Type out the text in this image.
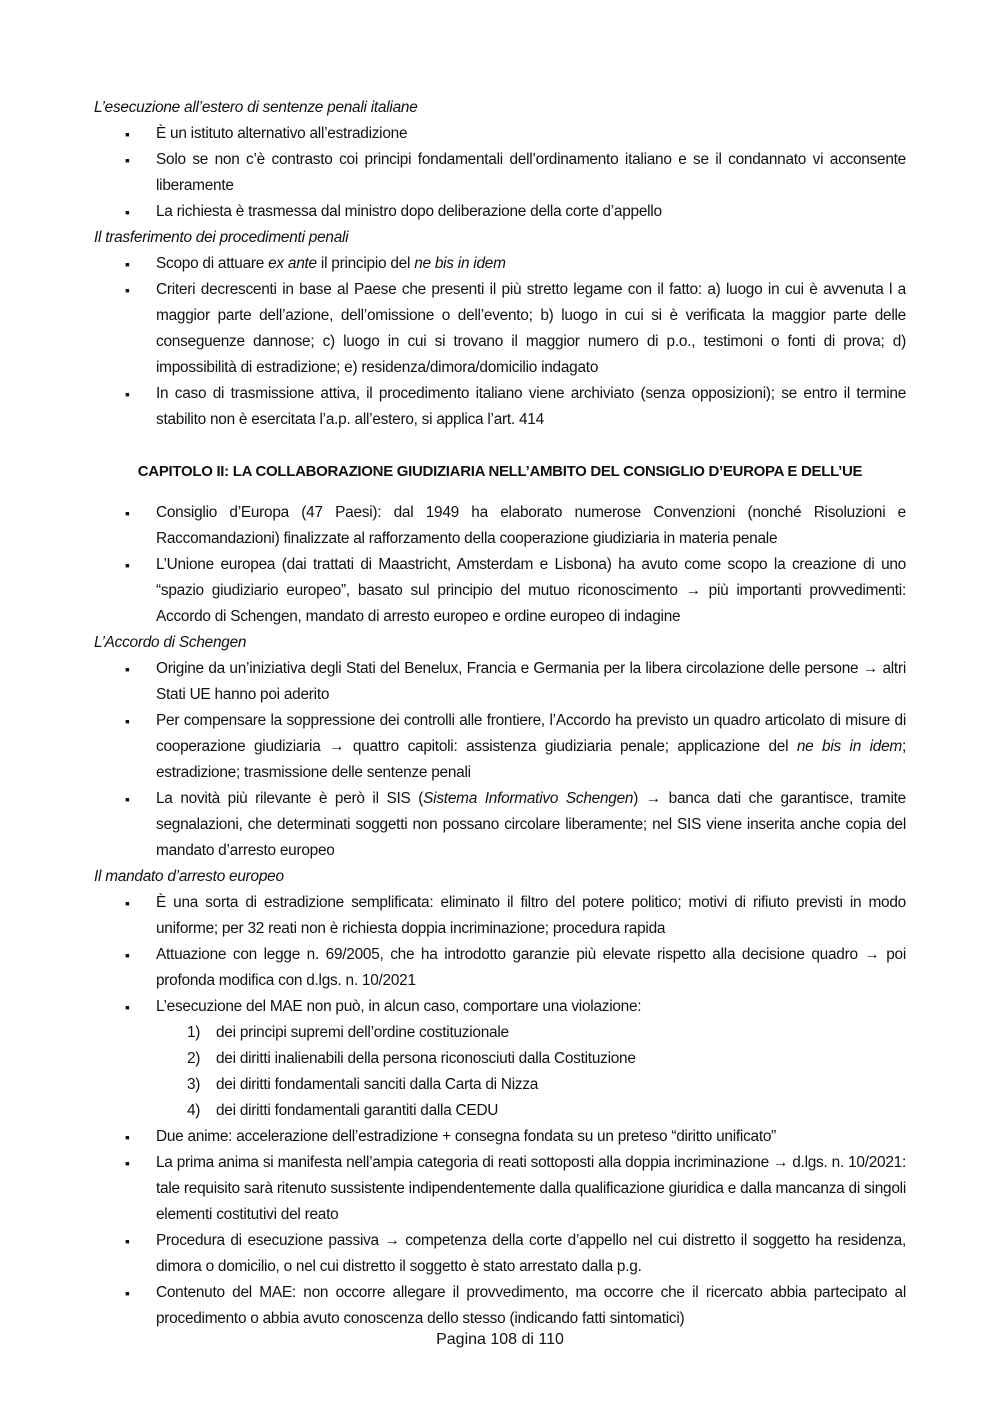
L’esecuzione all’estero di sentenze penali italiane

▪ È un istituto alternativo all’estradizione
▪ Solo se non c’è contrasto coi principi fondamentali dell’ordinamento italiano e se il condannato vi acconsente liberamente
▪ La richiesta è trasmessa dal ministro dopo deliberazione della corte d’appello

Il trasferimento dei procedimenti penali

▪ Scopo di attuare ex ante il principio del ne bis in idem
▪ Criteri decrescenti in base al Paese che presenti il più stretto legame con il fatto: a) luogo in cui è avvenuta l a maggior parte dell’azione, dell’omissione o dell’evento; b) luogo in cui si è verificata la maggior parte delle conseguenze dannose; c) luogo in cui si trovano il maggior numero di p.o., testimoni o fonti di prova; d) impossibilità di estradizione; e) residenza/dimora/domicilio indagato
▪ In caso di trasmissione attiva, il procedimento italiano viene archiviato (senza opposizioni); se entro il termine stabilito non è esercitata l’a.p. all’estero, si applica l’art. 414

CAPITOLO II: LA COLLABORAZIONE GIUDIZIARIA NELL’AMBITO DEL CONSIGLIO D’EUROPA E DELL’UE

▪ Consiglio d’Europa (47 Paesi): dal 1949 ha elaborato numerose Convenzioni (nonché Risoluzioni e Raccomandazioni) finalizzate al rafforzamento della cooperazione giudiziaria in materia penale
▪ L’Unione europea (dai trattati di Maastricht, Amsterdam e Lisbona) ha avuto come scopo la creazione di uno “spazio giudiziario europeo”, basato sul principio del mutuo riconoscimento → più importanti provvedimenti: Accordo di Schengen, mandato di arresto europeo e ordine europeo di indagine

L’Accordo di Schengen

▪ Origine da un’iniziativa degli Stati del Benelux, Francia e Germania per la libera circolazione delle persone → altri Stati UE hanno poi aderito
▪ Per compensare la soppressione dei controlli alle frontiere, l’Accordo ha previsto un quadro articolato di misure di cooperazione giudiziaria → quattro capitoli: assistenza giudiziaria penale; applicazione del ne bis in idem; estradizione; trasmissione delle sentenze penali
▪ La novità più rilevante è però il SIS (Sistema Informativo Schengen) → banca dati che garantisce, tramite segnalazioni, che determinati soggetti non possano circolare liberamente; nel SIS viene inserita anche copia del mandato d’arresto europeo

Il mandato d’arresto europeo

▪ È una sorta di estradizione semplificata: eliminato il filtro del potere politico; motivi di rifiuto previsti in modo uniforme; per 32 reati non è richiesta doppia incriminazione; procedura rapida
▪ Attuazione con legge n. 69/2005, che ha introdotto garanzie più elevate rispetto alla decisione quadro → poi profonda modifica con d.lgs. n. 10/2021
▪ L’esecuzione del MAE non può, in alcun caso, comportare una violazione:
1) dei principi supremi dell’ordine costituzionale
2) dei diritti inalienabili della persona riconosciuti dalla Costituzione
3) dei diritti fondamentali sanciti dalla Carta di Nizza
4) dei diritti fondamentali garantiti dalla CEDU
▪ Due anime: accelerazione dell’estradizione + consegna fondata su un preteso “diritto unificato”
▪ La prima anima si manifesta nell’ampia categoria di reati sottoposti alla doppia incriminazione → d.lgs. n. 10/2021: tale requisito sarà ritenuto sussistente indipendentemente dalla qualificazione giuridica e dalla mancanza di singoli elementi costitutivi del reato
▪ Procedura di esecuzione passiva → competenza della corte d’appello nel cui distretto il soggetto ha residenza, dimora o domicilio, o nel cui distretto il soggetto è stato arrestato dalla p.g.
▪ Contenuto del MAE: non occorre allegare il provvedimento, ma occorre che il ricercato abbia partecipato al procedimento o abbia avuto conoscenza dello stesso (indicando fatti sintomatici)
Pagina 108 di 110
